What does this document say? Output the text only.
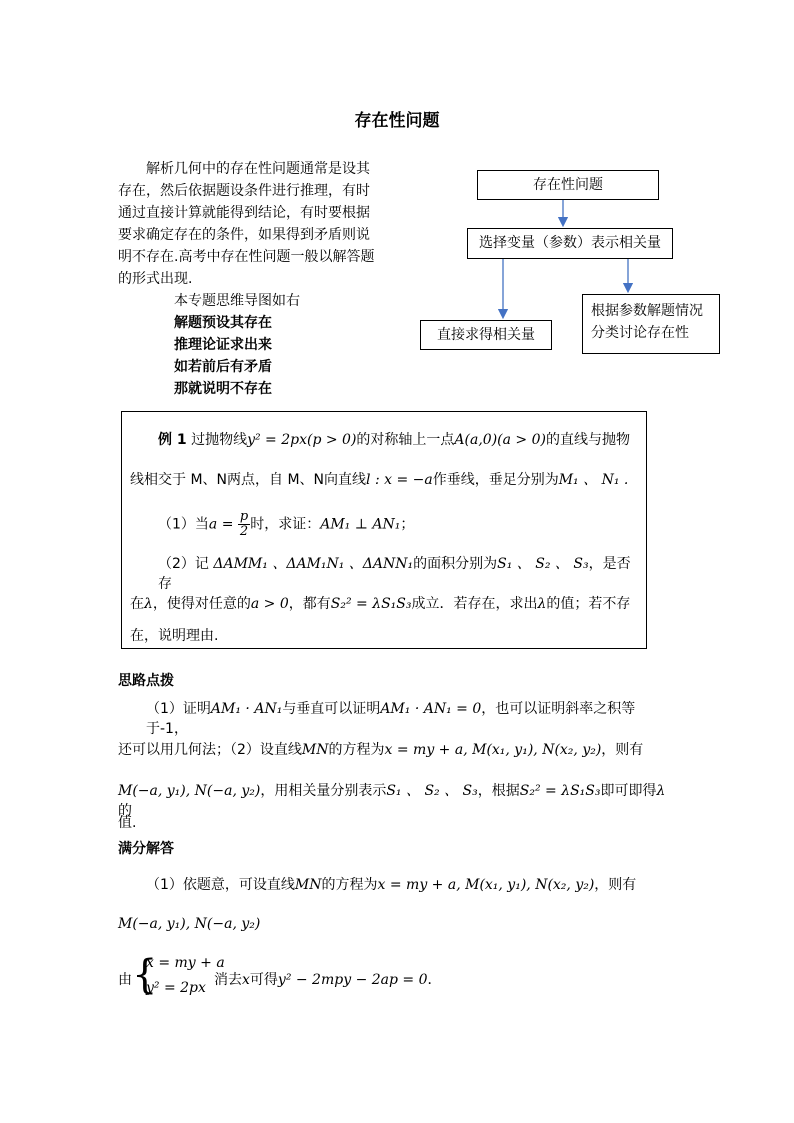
存在性问题

解析几何中的存在性问题通常是设其存在，然后依据题设条件进行推理，有时通过直接计算就能得到结论，有时要根据要求确定存在的条件，如果得到矛盾则说明不存在.高考中存在性问题一般以解答题的形式出现.

本专题思维导图如右

解题预设其存在

推理论证求出来

如若前后有矛盾

那就说明不存在

存在性问题
选择变量（参数）表示相关量
直接求得相关量
根据参数解题情况分类讨论存在性
例 1 过抛物线y² = 2px(p > 0)的对称轴上一点A(a,0)(a > 0)的直线与抛物
线相交于 M、N两点，自 M、N向直线l : x = −a作垂线，垂足分别为M₁ 、 N₁ .
（1）当$a = \frac{p}{2}$ 时，求证：AM₁ ⊥ AN₁；
（2）记 ΔAMM₁ 、ΔAM₁N₁ 、ΔANN₁的面积分别为S₁ 、 S₂ 、 S₃，是否存
在λ，使得对任意的a > 0，都有S₂² = λS₁S₃成立．若存在，求出λ的值；若不存
在，说明理由.
思路点拨
（1）证明AM₁ · AN₁与垂直可以证明AM₁ · AN₁ = 0，也可以证明斜率之积等于-1，
还可以用几何法；（2）设直线MN的方程为x = my + a, M(x₁, y₁), N(x₂, y₂)，则有
M(−a, y₁), N(−a, y₂)，用相关量分别表示S₁ 、 S₂ 、 S₃，根据S₂² = λS₁S₃即可即得λ的
值.
满分解答
（1）依题意，可设直线MN的方程为x = my + a, M(x₁, y₁), N(x₂, y₂)，则有
M(−a, y₁), N(−a, y₂)
由 {
x = my + a
y² = 2px 消去x可得y² − 2mpy − 2ap = 0．
